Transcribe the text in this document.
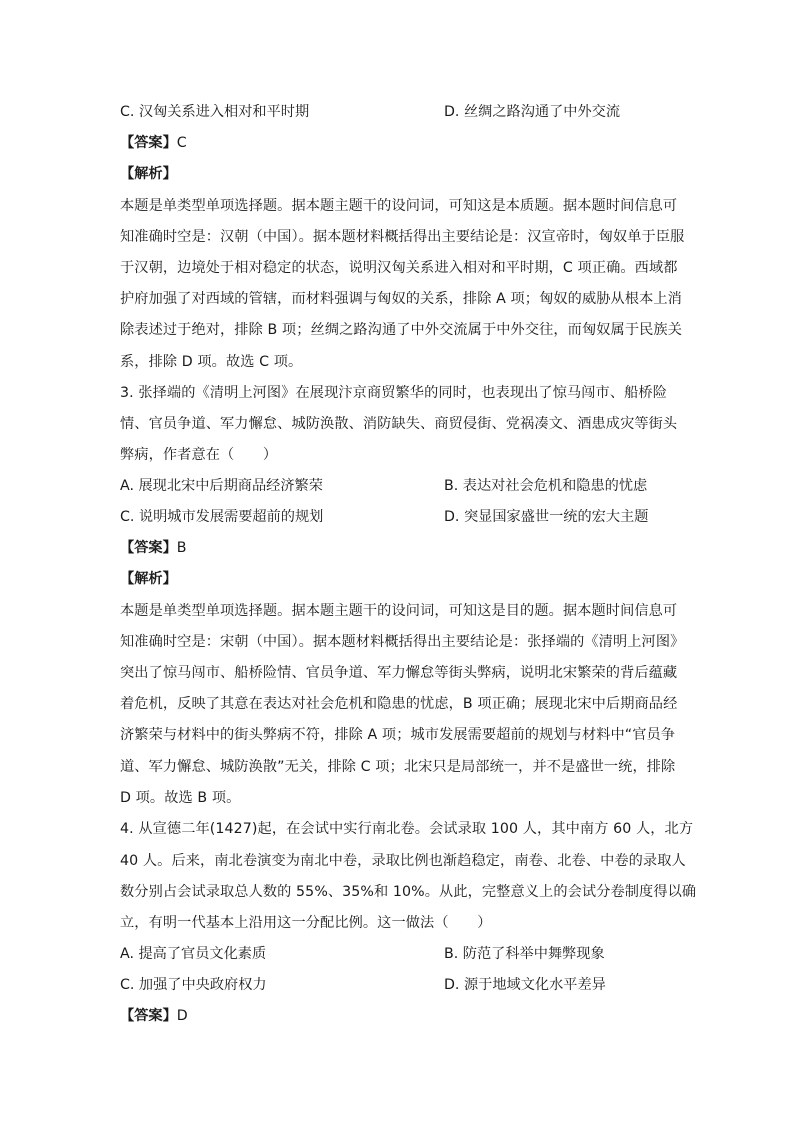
C. 汉匈关系进入相对和平时期	D. 丝绸之路沟通了中外交流
【答案】C
【解析】
本题是单类型单项选择题。据本题主题干的设问词，可知这是本质题。据本题时间信息可
知准确时空是：汉朝（中国）。据本题材料概括得出主要结论是：汉宣帝时，匈奴单于臣服
于汉朝，边境处于相对稳定的状态，说明汉匈关系进入相对和平时期，C 项正确。西域都
护府加强了对西域的管辖，而材料强调与匈奴的关系，排除 A 项；匈奴的威胁从根本上消
除表述过于绝对，排除 B 项；丝绸之路沟通了中外交流属于中外交往，而匈奴属于民族关
系，排除 D 项。故选 C 项。
3. 张择端的《清明上河图》在展现汴京商贸繁华的同时，也表现出了惊马闯市、船桥险
情、官员争道、军力懈怠、城防涣散、消防缺失、商贸侵街、党祸凑文、酒患成灾等街头
弊病，作者意在（　　）
A. 展现北宋中后期商品经济繁荣	B. 表达对社会危机和隐患的忧虑
C. 说明城市发展需要超前的规划	D. 突显国家盛世一统的宏大主题
【答案】B
【解析】
本题是单类型单项选择题。据本题主题干的设问词，可知这是目的题。据本题时间信息可
知准确时空是：宋朝（中国）。据本题材料概括得出主要结论是：张择端的《清明上河图》
突出了惊马闯市、船桥险情、官员争道、军力懈怠等街头弊病，说明北宋繁荣的背后蕴藏
着危机，反映了其意在表达对社会危机和隐患的忧虑，B 项正确；展现北宋中后期商品经
济繁荣与材料中的街头弊病不符，排除 A 项；城市发展需要超前的规划与材料中“官员争
道、军力懈怠、城防涣散”无关，排除 C 项；北宋只是局部统一，并不是盛世一统，排除
D 项。故选 B 项。
4. 从宣德二年(1427)起，在会试中实行南北卷。会试录取 100 人，其中南方 60 人，北方
40 人。后来，南北卷演变为南北中卷，录取比例也渐趋稳定，南卷、北卷、中卷的录取人
数分别占会试录取总人数的 55%、35%和 10%。从此，完整意义上的会试分卷制度得以确
立，有明一代基本上沿用这一分配比例。这一做法（　　）
A. 提高了官员文化素质	B. 防范了科举中舞弊现象
C. 加强了中央政府权力	D. 源于地域文化水平差异
【答案】D
